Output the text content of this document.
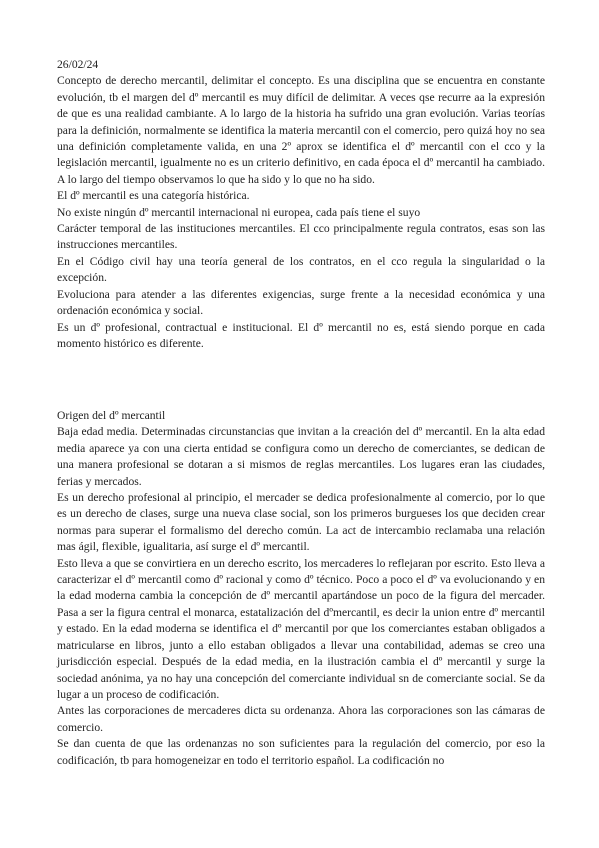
26/02/24

Concepto de derecho mercantil, delimitar el concepto. Es una disciplina que se encuentra en constante evolución, tb el margen del dº mercantil es muy difícil de delimitar. A veces qse recurre aa la expresión de que es una realidad cambiante. A lo largo de la historia ha sufrido una gran evolución. Varias teorías para la definición, normalmente se identifica la materia mercantil con el comercio, pero quizá hoy no sea una definición completamente valida, en una 2º aprox se identifica el dº mercantil con el cco y la legislación mercantil, igualmente no es un criterio definitivo, en cada época el dº mercantil ha cambiado. A lo largo del tiempo observamos lo que ha sido y lo que no ha sido.

El dº mercantil es una categoría histórica.

No existe ningún dº mercantil internacional ni europea, cada país tiene el suyo

Carácter temporal de las instituciones mercantiles. El cco principalmente regula contratos, esas son las instrucciones mercantiles.

En el Código civil hay una teoría general de los contratos, en el cco regula la singularidad o la excepción.

Evoluciona para atender a las diferentes exigencias, surge frente a la necesidad económica y una ordenación económica y social.

Es un dº profesional, contractual e institucional. El dº mercantil no es, está siendo porque en cada momento histórico es diferente.

Origen del dº mercantil

Baja edad media. Determinadas circunstancias que invitan a la creación del dº mercantil. En la alta edad media aparece ya con una cierta entidad se configura como un derecho de comerciantes, se dedican de una manera profesional se dotaran a si mismos de reglas mercantiles. Los lugares eran las ciudades, ferias y mercados.

Es un derecho profesional al principio, el mercader se dedica profesionalmente al comercio, por lo que es un derecho de clases, surge una nueva clase social, son los primeros burgueses los que deciden crear normas para superar el formalismo del derecho común. La act de intercambio reclamaba una relación mas ágil, flexible, igualitaria, así surge el dº mercantil.

Esto lleva a que se convirtiera en un derecho escrito, los mercaderes lo reflejaran por escrito. Esto lleva a caracterizar el dº mercantil como dº racional y como dº técnico. Poco a poco el dº va evolucionando y en la edad moderna cambia la concepción de dº mercantil apartándose un poco de la figura del mercader. Pasa a ser la figura central el monarca, estatalización del dºmercantil, es decir la union entre dº mercantil y estado. En la edad moderna se identifica el dº mercantil por que los comerciantes estaban obligados a matricularse en libros, junto a ello estaban obligados a llevar una contabilidad, ademas se creo una jurisdicción especial. Después de la edad media, en la ilustración cambia el dº mercantil y surge la sociedad anónima, ya no hay una concepción del comerciante individual sn de comerciante social. Se da lugar a un proceso de codificación.

Antes las corporaciones de mercaderes dicta su ordenanza. Ahora las corporaciones son las cámaras de comercio.

Se dan cuenta de que las ordenanzas no son suficientes para la regulación del comercio, por eso la codificación, tb para homogeneizar en todo el territorio español. La codificación no
